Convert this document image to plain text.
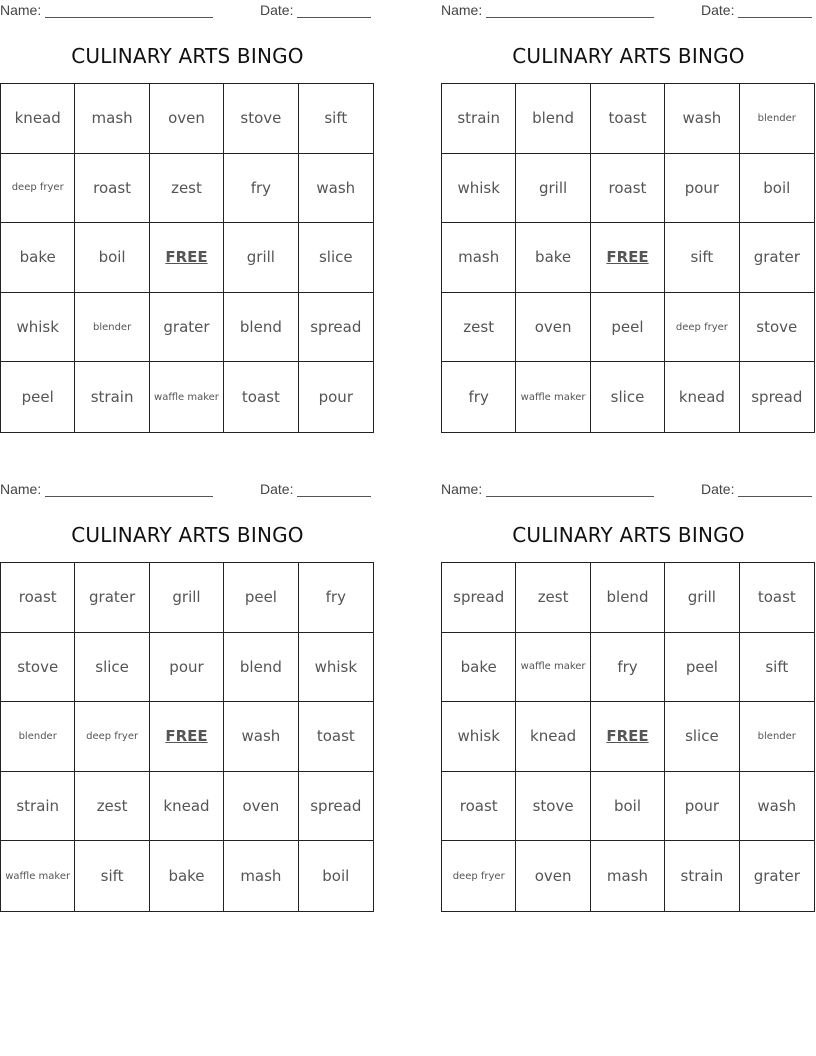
Name:	Date:
CULINARY ARTS BINGO
knead	mash	oven	stove	sift
deep fryer	roast	zest	fry	wash
bake	boil	FREE	grill	slice
whisk	blender	grater	blend	spread
peel	strain	waffle maker	toast	pour
Name:	Date:
CULINARY ARTS BINGO
strain	blend	toast	wash	blender
whisk	grill	roast	pour	boil
mash	bake	FREE	sift	grater
zest	oven	peel	deep fryer	stove
fry	waffle maker	slice	knead	spread
Name:	Date:
CULINARY ARTS BINGO
roast	grater	grill	peel	fry
stove	slice	pour	blend	whisk
blender	deep fryer	FREE	wash	toast
strain	zest	knead	oven	spread
waffle maker	sift	bake	mash	boil
Name:	Date:
CULINARY ARTS BINGO
spread	zest	blend	grill	toast
bake	waffle maker	fry	peel	sift
whisk	knead	FREE	slice	blender
roast	stove	boil	pour	wash
deep fryer	oven	mash	strain	grater
